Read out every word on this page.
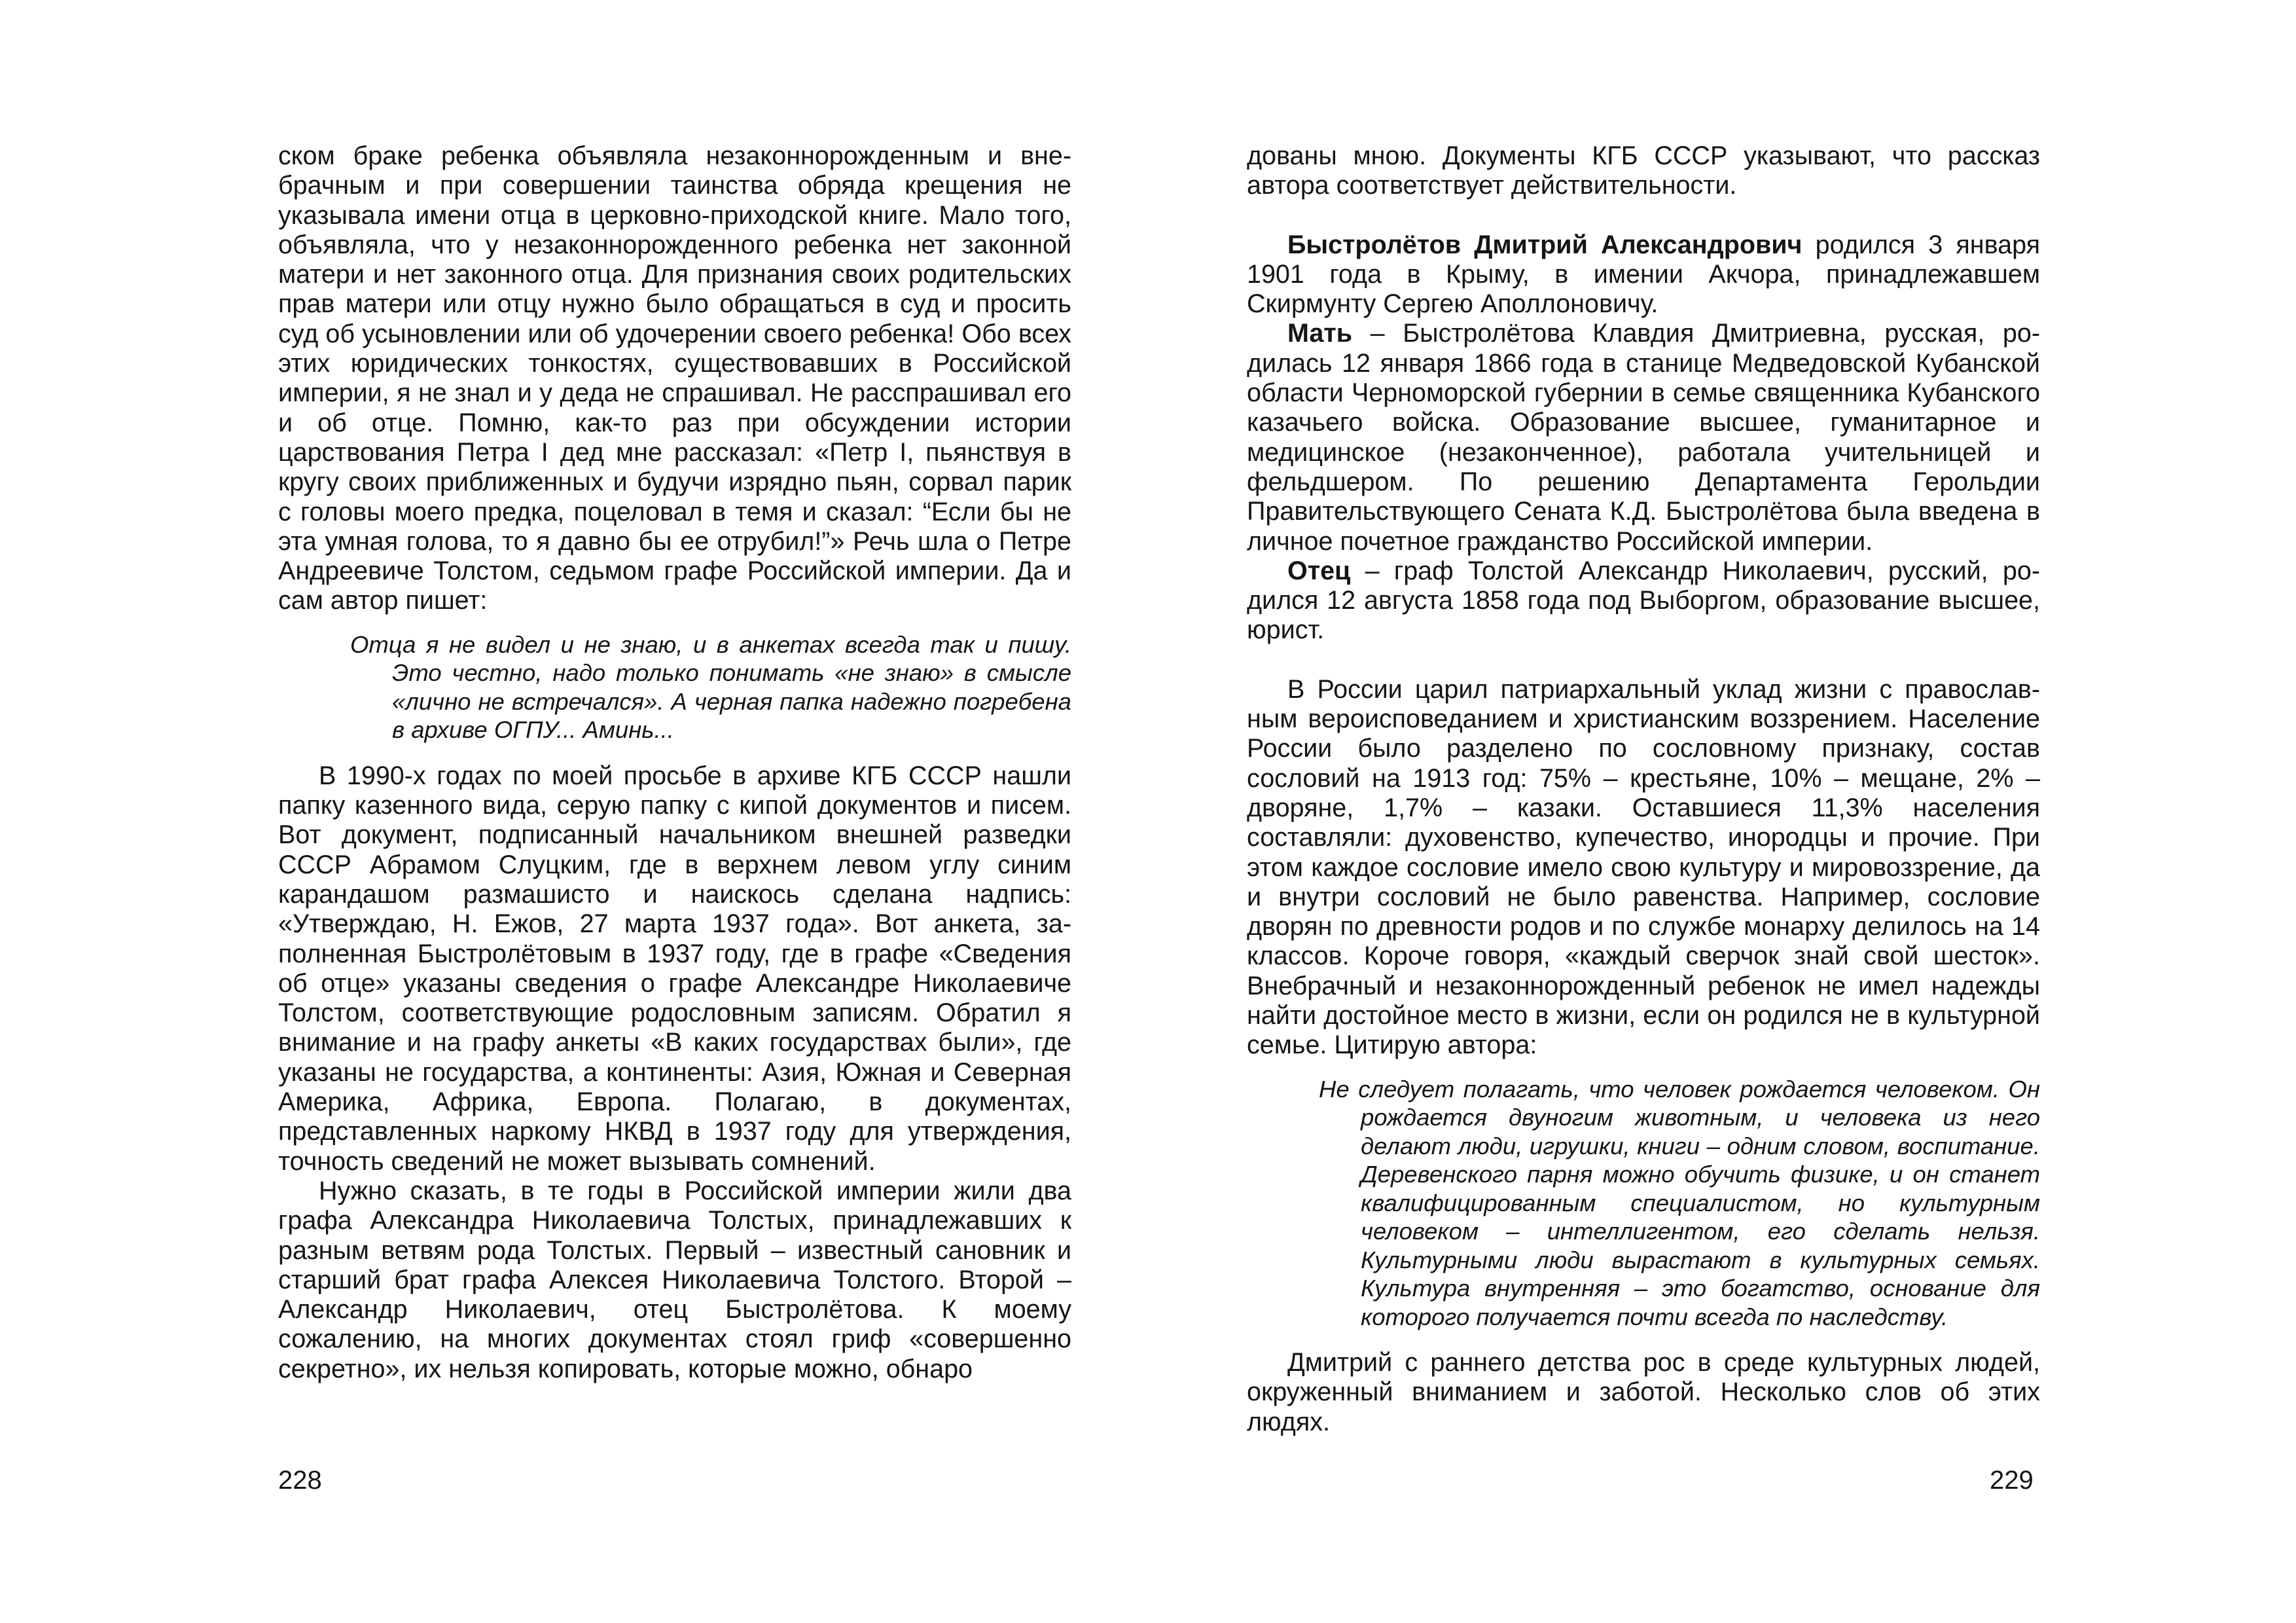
ском браке ребенка объявляла незаконнорожденным и внебрачным и при совершении таинства обряда крещения не указывала имени отца в церковно-приходской книге. Мало того, объявляла, что у незаконнорожденного ребенка нет законной матери и нет законного отца. Для признания своих родительских прав матери или отцу нужно было обращаться в суд и просить суд об усыновлении или об удочерении своего ребенка! Обо всех этих юридических тонкостях, существовавших в Российской империи, я не знал и у деда не спрашивал. Не расспрашивал его и об отце. Помню, как-то раз при обсуждении истории царствования Петра I дед мне рассказал: «Петр I, пьянствуя в кругу своих приближенных и будучи изрядно пьян, сорвал парик с головы моего предка, поцеловал в темя и сказал: “Если бы не эта умная голова, то я давно бы ее отрубил!”» Речь шла о Петре Андреевиче Толстом, седьмом графе Российской империи. Да и сам автор пишет:

Отца я не видел и не знаю, и в анкетах всегда так и пишу. Это честно, надо только понимать «не знаю» в смысле «лично не встречался». А черная папка надежно погребена в архиве ОГПУ... Аминь...

В 1990-х годах по моей просьбе в архиве КГБ СССР нашли папку казенного вида, серую папку с кипой документов и писем. Вот документ, подписанный начальником внешней разведки СССР Абрамом Слуцким, где в верхнем левом углу синим карандашом размашисто и наискось сделана надпись: «Утверждаю, Н. Ежов, 27 марта 1937 года». Вот анкета, заполненная Быстролётовым в 1937 году, где в графе «Сведения об отце» указаны сведения о графе Александре Николаевиче Толстом, соответствующие родословным записям. Обратил я внимание и на графу анкеты «В каких государствах были», где указаны не государства, а континенты: Азия, Южная и Северная Америка, Африка, Европа. Полагаю, в документах, представленных наркому НКВД в 1937 году для утверждения, точность сведений не может вызывать сомнений.

Нужно сказать, в те годы в Российской империи жили два графа Александра Николаевича Толстых, принадлежавших к разным ветвям рода Толстых. Первый – известный сановник и старший брат графа Алексея Николаевича Толстого. Второй – Александр Николаевич, отец Быстролётова. К моему сожалению, на многих документах стоял гриф «совершенно секретно», их нельзя копировать, которые можно, обнаро

228

дованы мною. Документы КГБ СССР указывают, что рассказ автора соответствует действительности.

Быстролётов Дмитрий Александрович родился 3 января 1901 года в Крыму, в имении Акчора, принадлежавшем Скирмунту Сергею Аполлоновичу.

Мать – Быстролётова Клавдия Дмитриевна, русская, родилась 12 января 1866 года в станице Медведовской Кубанской области Черноморской губернии в семье священника Кубанского казачьего войска. Образование высшее, гуманитарное и медицинское (незаконченное), работала учительницей и фельдшером. По решению Департамента Герольдии Правительствующего Сената К.Д. Быстролётова была введена в личное почетное гражданство Российской империи.

Отец – граф Толстой Александр Николаевич, русский, родился 12 августа 1858 года под Выборгом, образование высшее, юрист.

В России царил патриархальный уклад жизни с православным вероисповеданием и христианским воззрением. Население России было разделено по сословному признаку, состав сословий на 1913 год: 75% – крестьяне, 10% – мещане, 2% – дворяне, 1,7% – казаки. Оставшиеся 11,3% населения составляли: духовенство, купечество, инородцы и прочие. При этом каждое сословие имело свою культуру и мировоззрение, да и внутри сословий не было равенства. Например, сословие дворян по древности родов и по службе монарху делилось на 14 классов. Короче говоря, «каждый сверчок знай свой шесток». Внебрачный и незаконнорожденный ребенок не имел надежды найти достойное место в жизни, если он родился не в культурной семье. Цитирую автора:

Не следует полагать, что человек рождается человеком. Он рождается двуногим животным, и человека из него делают люди, игрушки, книги – одним словом, воспитание. Деревенского парня можно обучить физике, и он станет квалифицированным специалистом, но культурным человеком – интеллигентом, его сделать нельзя. Культурными люди вырастают в культурных семьях. Культура внутренняя – это богатство, основание для которого получается почти всегда по наследству.

Дмитрий с раннего детства рос в среде культурных людей, окруженный вниманием и заботой. Несколько слов об этих людях.

229
